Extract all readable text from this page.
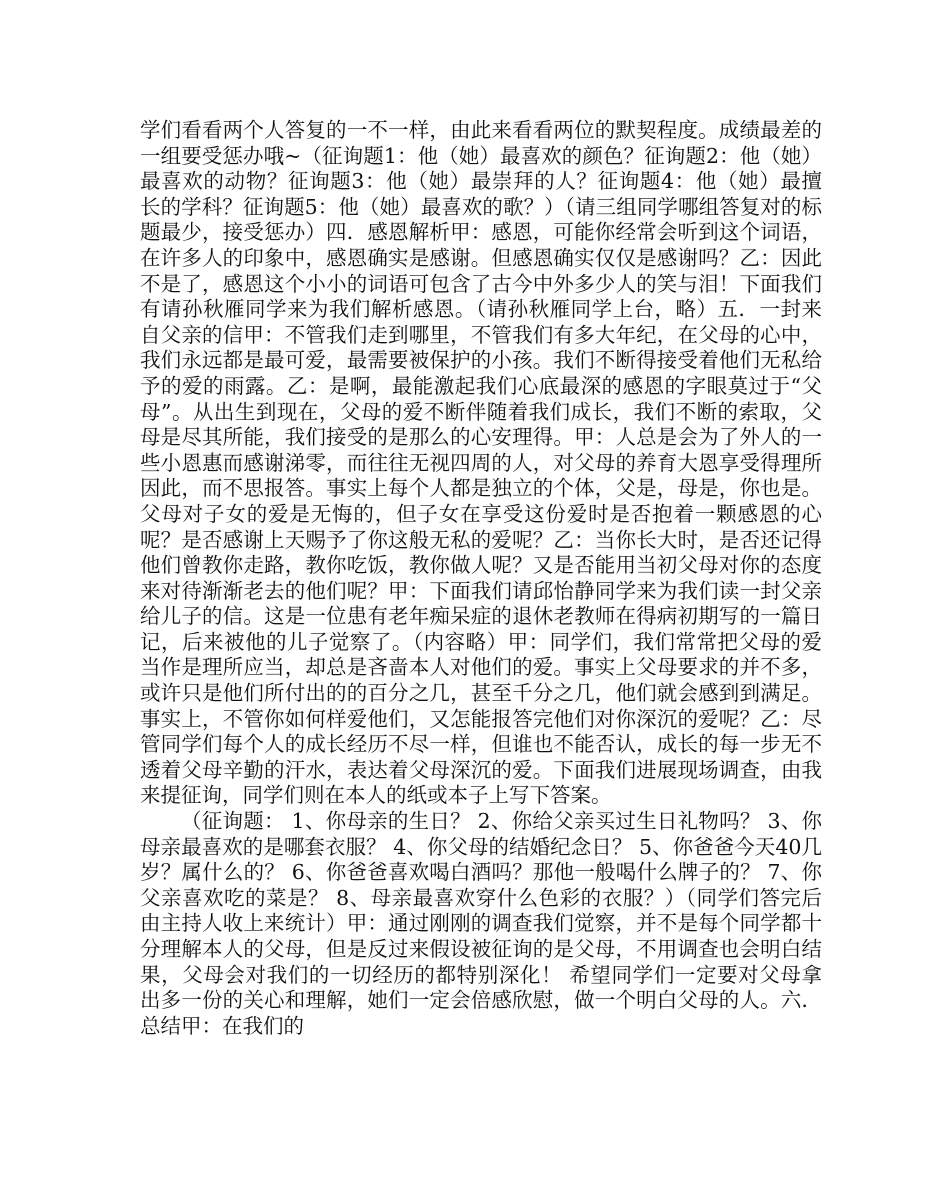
学们看看两个人答复的一不一样，由此来看看两位的默契程度。成绩最差的一组要受惩办哦~（征询题1：他（她）最喜欢的颜色？征询题2：他（她）最喜欢的动物？征询题3：他（她）最崇拜的人？征询题4：他（她）最擅长的学科？征询题5：他（她）最喜欢的歌？）（请三组同学哪组答复对的标题最少，接受惩办）四．感恩解析甲：感恩，可能你经常会听到这个词语，在许多人的印象中，感恩确实是感谢。但感恩确实仅仅是感谢吗？乙：因此不是了，感恩这个小小的词语可包含了古今中外多少人的笑与泪！下面我们有请孙秋雁同学来为我们解析感恩。（请孙秋雁同学上台，略）五．一封来自父亲的信甲：不管我们走到哪里，不管我们有多大年纪，在父母的心中，我们永远都是最可爱，最需要被保护的小孩。我们不断得接受着他们无私给予的爱的雨露。乙：是啊，最能激起我们心底最深的感恩的字眼莫过于“父母”。从出生到现在，父母的爱不断伴随着我们成长，我们不断的索取，父母是尽其所能，我们接受的是那么的心安理得。甲：人总是会为了外人的一些小恩惠而感谢涕零，而往往无视四周的人，对父母的养育大恩享受得理所因此，而不思报答。事实上每个人都是独立的个体，父是，母是，你也是。父母对子女的爱是无悔的，但子女在享受这份爱时是否抱着一颗感恩的心呢？是否感谢上天赐予了你这般无私的爱呢？乙：当你长大时，是否还记得他们曾教你走路，教你吃饭，教你做人呢？又是否能用当初父母对你的态度来对待渐渐老去的他们呢？甲：下面我们请邱怡静同学来为我们读一封父亲给儿子的信。这是一位患有老年痴呆症的退休老教师在得病初期写的一篇日记，后来被他的儿子觉察了。（内容略）甲：同学们，我们常常把父母的爱当作是理所应当，却总是吝啬本人对他们的爱。事实上父母要求的并不多，或许只是他们所付出的的百分之几，甚至千分之几，他们就会感到到满足。事实上，不管你如何样爱他们，又怎能报答完他们对你深沉的爱呢？乙：尽管同学们每个人的成长经历不尽一样，但谁也不能否认，成长的每一步无不透着父母辛勤的汗水，表达着父母深沉的爱。下面我们进展现场调查，由我来提征询，同学们则在本人的纸或本子上写下答案。

（征询题： 1、你母亲的生日？ 2、你给父亲买过生日礼物吗？ 3、你母亲最喜欢的是哪套衣服？ 4、你父母的结婚纪念日？ 5、你爸爸今天40几岁？属什么的？ 6、你爸爸喜欢喝白酒吗？那他一般喝什么牌子的？ 7、你父亲喜欢吃的菜是？ 8、母亲最喜欢穿什么色彩的衣服？）（同学们答完后由主持人收上来统计）甲：通过刚刚的调查我们觉察，并不是每个同学都十分理解本人的父母，但是反过来假设被征询的是父母，不用调查也会明白结果，父母会对我们的一切经历的都特别深化！ 希望同学们一定要对父母拿出多一份的关心和理解，她们一定会倍感欣慰，做一个明白父母的人。六．总结甲：在我们的
